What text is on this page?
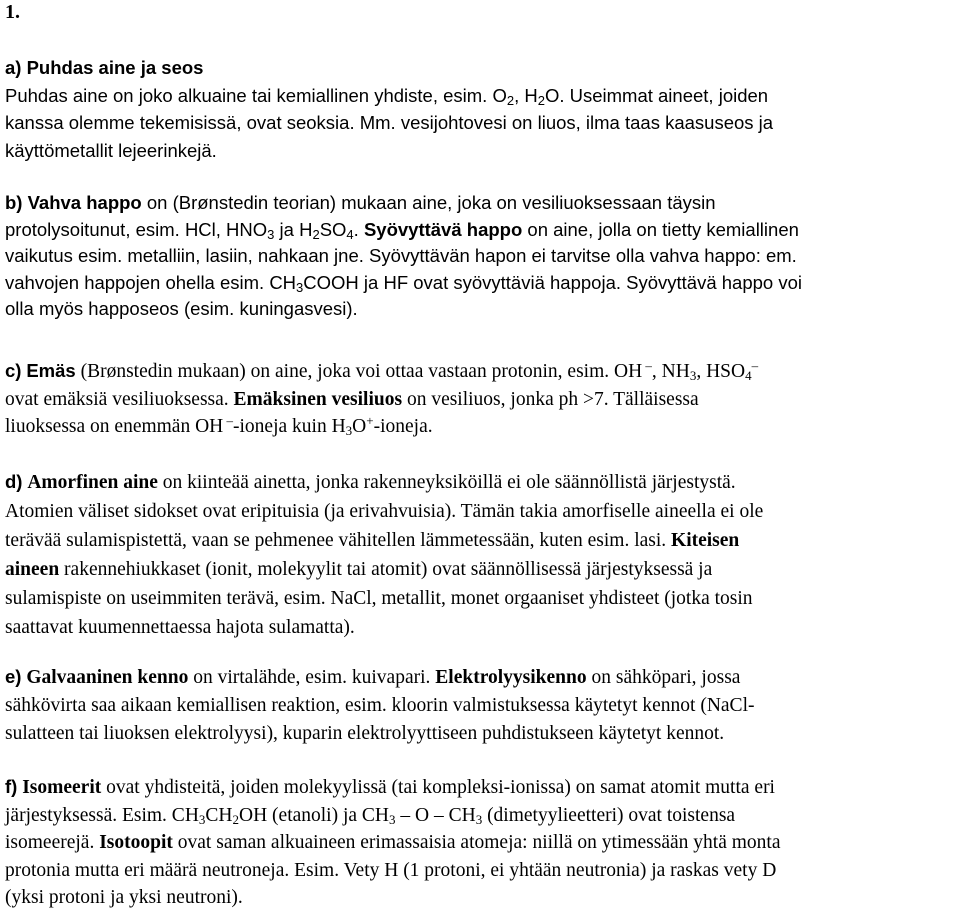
1.
a) Puhdas aine ja seos
Puhdas aine on joko alkuaine tai kemiallinen yhdiste, esim. $O_2$, $H_2O$. Useimmat aineet, joiden
kanssa olemme tekemisissä, ovat seoksia. Mm. vesijohtovesi on liuos, ilma taas kaasuseos ja
käyttömetallit lejeerinkejä.
b) Vahva happo on (Brønstedin teorian) mukaan aine, joka on vesiliuoksessaan täysin
protolysoitunut, esim. HCl, $HNO_3$ ja $H_2SO_4$. Syövyttävä happo on aine, jolla on tietty kemiallinen
vaikutus esim. metalliin, lasiin, nahkaan jne. Syövyttävän hapon ei tarvitse olla vahva happo: em.
vahvojen happojen ohella esim. $CH_3COOH$ ja HF ovat syövyttäviä happoja. Syövyttävä happo voi
olla myös happoseos (esim. kuningasvesi).
c) Emäs (Brønstedin mukaan) on aine, joka voi ottaa vastaan protonin, esim. OH –, $NH_3$, $HSO_4^-$
ovat emäksiä vesiliuoksessa. Emäksinen vesiliuos on vesiliuos, jonka ph >7. Tälläisessa
liuoksessa on enemmän OH –-ioneja kuin $H_3O^+$-ioneja.
d) Amorfinen aine on kiinteää ainetta, jonka rakenneyksiköillä ei ole säännöllistä järjestystä.
Atomien väliset sidokset ovat eripituisia (ja erivahvuisia). Tämän takia amorfiselle aineella ei ole
terävää sulamispistettä, vaan se pehmenee vähitellen lämmetessään, kuten esim. lasi. Kiteisen
aineen rakennehiukkaset (ionit, molekyylit tai atomit) ovat säännöllisessä järjestyksessä ja
sulamispiste on useimmiten terävä, esim. NaCl, metallit, monet orgaaniset yhdisteet (jotka tosin
saattavat kuumennettaessa hajota sulamatta).
e) Galvaaninen kenno on virtalähde, esim. kuivapari. Elektrolyysikenno on sähköpari, jossa
sähkövirta saa aikaan kemiallisen reaktion, esim. kloorin valmistuksessa käytetyt kennot (NaCl-
sulatteen tai liuoksen elektrolyysi), kuparin elektrolyyttiseen puhdistukseen käytetyt kennot.
f) Isomeerit ovat yhdisteitä, joiden molekyylissä (tai kompleksi-ionissa) on samat atomit mutta eri
järjestyksessä. Esim. $CH_3CH_2OH$ (etanoli) ja $CH_3$ – O – $CH_3$ (dimetyylieetteri) ovat toistensa
isomeerejä. Isotoopit ovat saman alkuaineen erimassaisia atomeja: niillä on ytimessään yhtä monta
protonia mutta eri määrä neutroneja. Esim. Vety H (1 protoni, ei yhtään neutronia) ja raskas vety D
(yksi protoni ja yksi neutroni).
